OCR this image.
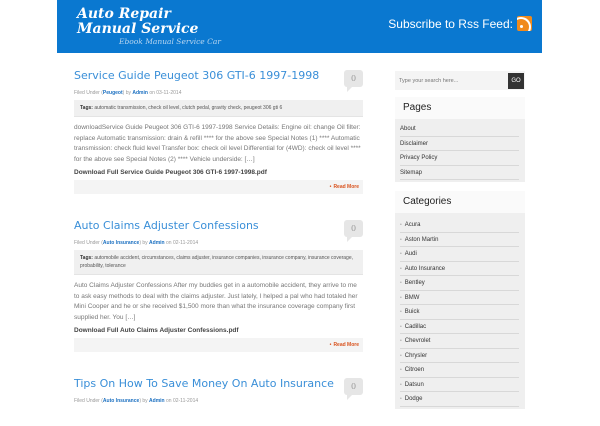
Auto Repair Manual Service
Ebook Manual Service Car
Subscribe to Rss Feed:
Service Guide Peugeot 306 GTI-6 1997-1998	0
Filed Under (Peugeot) by Admin on 03-11-2014
Tags: automatic transmission, check oil level, clutch pedal, gravity check, peugeot 306 gti 6
downloadService Guide Peugeot 306 GTI-6 1997-1998 Service Details: Engine oil: change Oil filter: replace Automatic transmission: drain & refill **** for the above see Special Notes (1) **** Automatic transmission: check fluid level Transfer box: check oil level Differential for (4WD): check oil level **** for the above see Special Notes (2) **** Vehicle underside: […]
Download Full Service Guide Peugeot 306 GTI-6 1997-1998.pdf
• Read More
Auto Claims Adjuster Confessions	0
Filed Under (Auto Insurance) by Admin on 02-11-2014
Tags: automobile accident, circumstances, claims adjuster, insurance companies, insurance company, insurance coverage, probability, tolerance
Auto Claims Adjuster Confessions After my buddies get in a automobile accident, they arrive to me to ask easy methods to deal with the claims adjuster. Just lately, I helped a pal who had totaled her Mini Cooper and he or she received $1,500 more than what the insurance coverage company first supplied her. You […]
Download Full Auto Claims Adjuster Confessions.pdf
• Read More
Tips On How To Save Money On Auto Insurance	0
Filed Under (Auto Insurance) by Admin on 02-11-2014
Type your search here...
GO
Pages
About
Disclaimer
Privacy Policy
Sitemap
Categories
• Acura
• Aston Martin
• Audi
• Auto Insurance
• Bentley
• BMW
• Buick
• Cadillac
• Chevrolet
• Chrysler
• Citroen
• Datsun
• Dodge
